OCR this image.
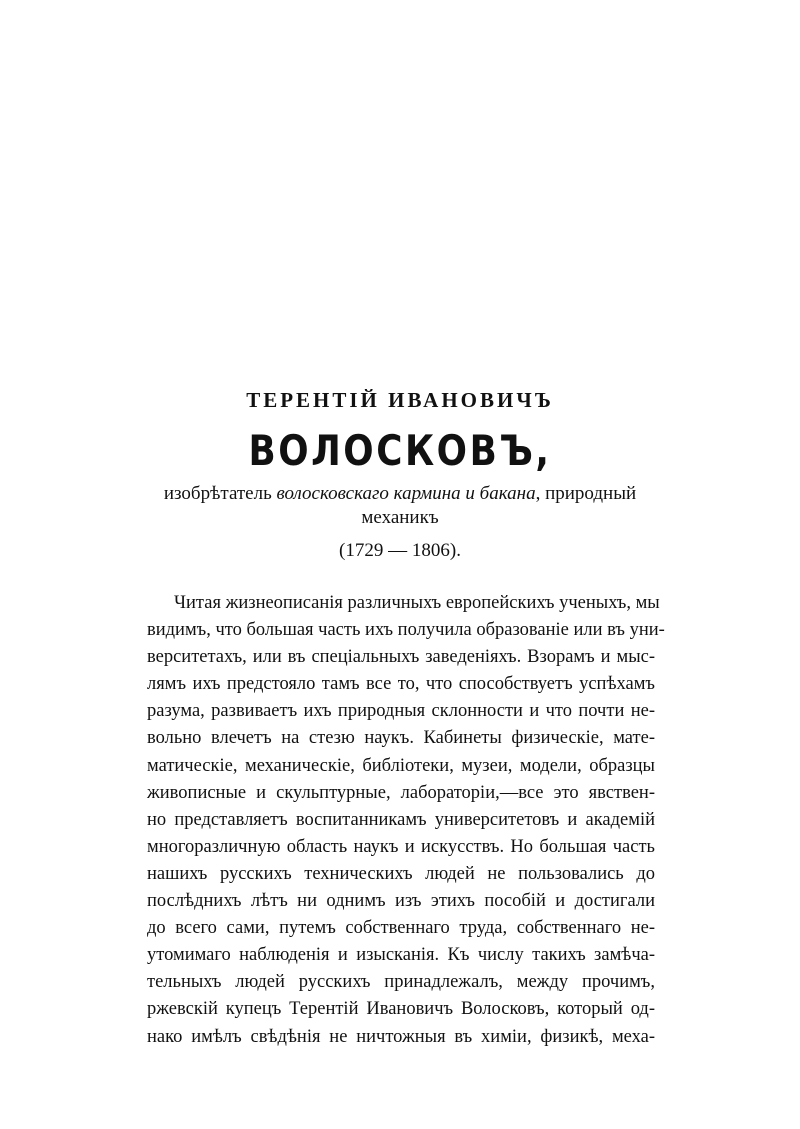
ТЕРЕНТІЙ ИВАНОВИЧЪ
ВОЛОСКОВЪ,
изобрѣтатель волосковскаго кармина и бакана, природный
механикъ
(1729 — 1806).
Читая жизнеописанія различныхъ европейскихъ ученыхъ, мы
видимъ, что большая часть ихъ получила образованіе или въ уни-
верситетахъ, или въ спеціальныхъ заведеніяхъ. Взорамъ и мыс-
лямъ ихъ предстояло тамъ все то, что способствуетъ успѣхамъ
разума, развиваетъ ихъ природныя склонности и что почти не-
вольно влечетъ на стезю наукъ. Кабинеты физическіе, матe-
матическіе, механическіе, библіотеки, музеи, модели, образцы
живописные и скульптурные, лабораторіи,—все это явствен-
но представляетъ воспитанникамъ университетовъ и академій
многоразличную область наукъ и искусствъ. Но большая часть
нашихъ русскихъ техническихъ людей не пользовались до
послѣднихъ лѣтъ ни однимъ изъ этихъ пособій и достигали
до всего сами, путемъ собственнаго труда, собственнаго не-
утомимаго наблюденія и изысканія. Къ числу такихъ замѣча-
тельныхъ людей русскихъ принадлежалъ, между прочимъ,
ржевскій купецъ Терентій Ивановичъ Волосковъ, который од-
нако имѣлъ свѣдѣнія не ничтожныя въ химіи, физикѣ, меха-
